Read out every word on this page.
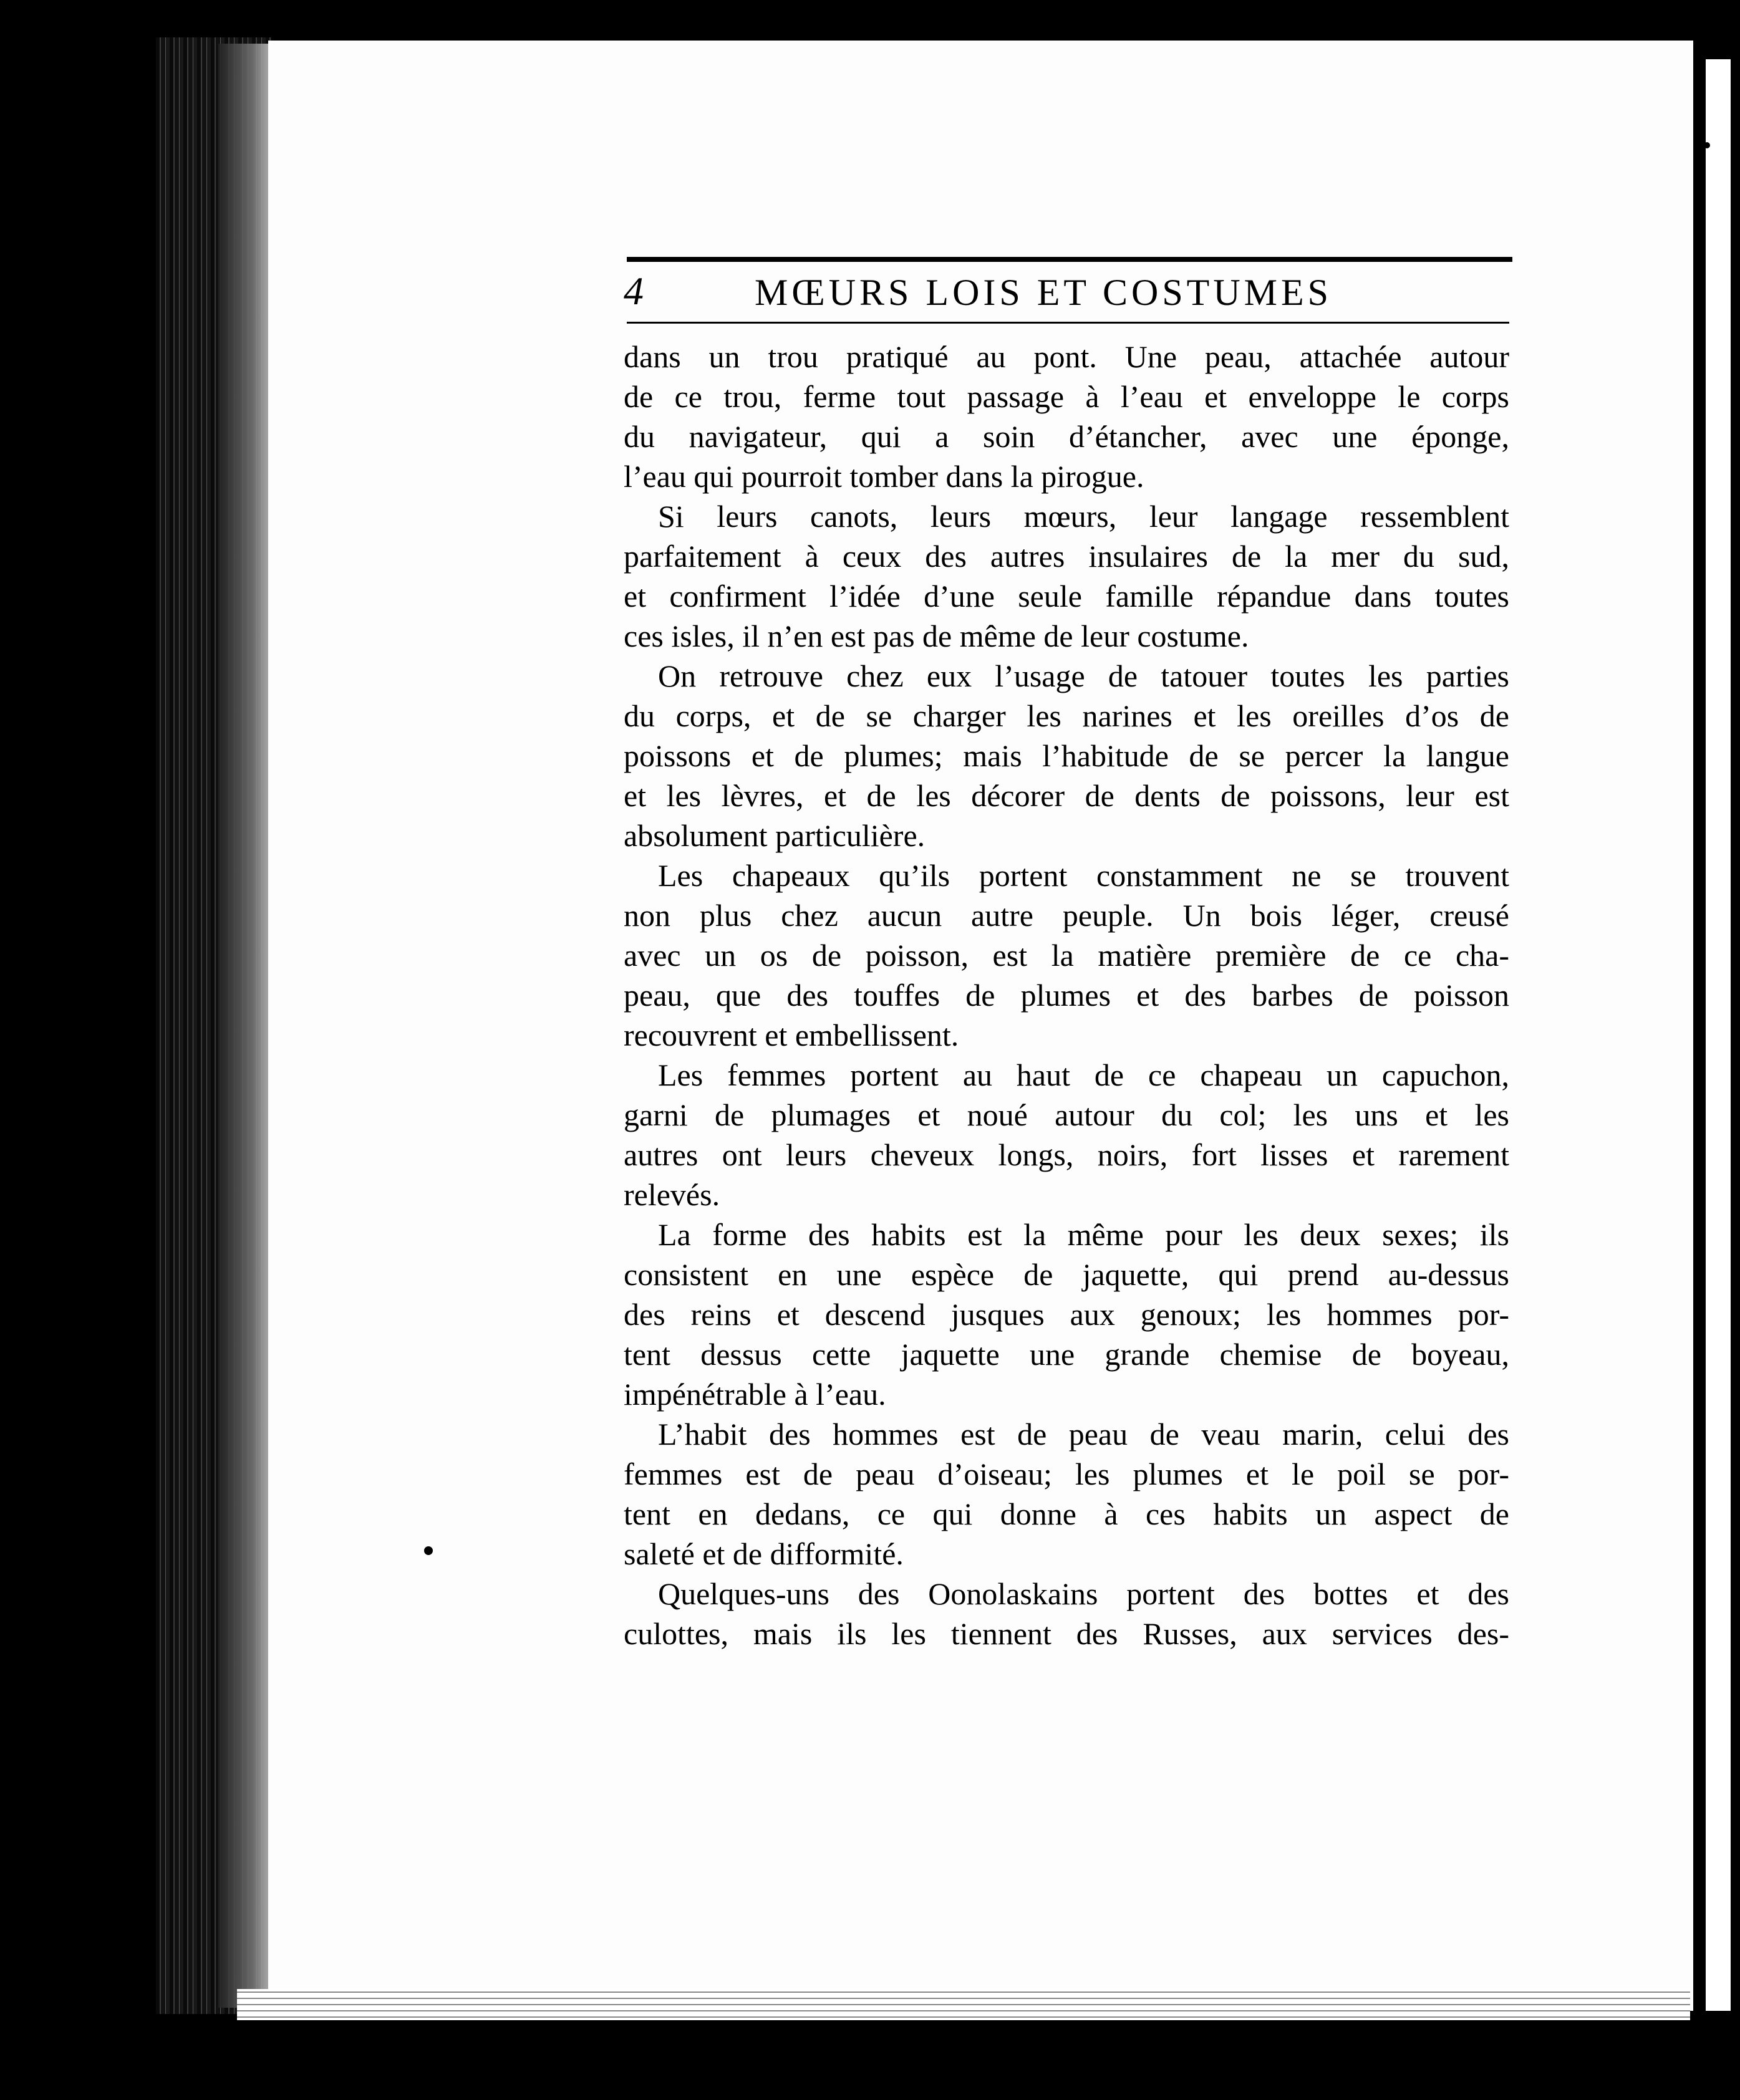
4	MŒURS LOIS ET COSTUMES
dans un trou pratiqué au pont. Une peau, attachée autour
de ce trou, ferme tout passage à l’eau et enveloppe le corps
du navigateur, qui a soin d’étancher, avec une éponge,
l’eau qui pourroit tomber dans la pirogue.
Si leurs canots, leurs mœurs, leur langage ressemblent
parfaitement à ceux des autres insulaires de la mer du sud,
et confirment l’idée d’une seule famille répandue dans toutes
ces isles, il n’en est pas de même de leur costume.
On retrouve chez eux l’usage de tatouer toutes les parties
du corps, et de se charger les narines et les oreilles d’os de
poissons et de plumes; mais l’habitude de se percer la langue
et les lèvres, et de les décorer de dents de poissons, leur est
absolument particulière.
Les chapeaux qu’ils portent constamment ne se trouvent
non plus chez aucun autre peuple. Un bois léger, creusé
avec un os de poisson, est la matière première de ce cha-
peau, que des touffes de plumes et des barbes de poisson
recouvrent et embellissent.
Les femmes portent au haut de ce chapeau un capuchon,
garni de plumages et noué autour du col; les uns et les
autres ont leurs cheveux longs, noirs, fort lisses et rarement
relevés.
La forme des habits est la même pour les deux sexes; ils
consistent en une espèce de jaquette, qui prend au-dessus
des reins et descend jusques aux genoux; les hommes por-
tent dessus cette jaquette une grande chemise de boyeau,
impénétrable à l’eau.
L’habit des hommes est de peau de veau marin, celui des
femmes est de peau d’oiseau; les plumes et le poil se por-
tent en dedans, ce qui donne à ces habits un aspect de
saleté et de difformité.
Quelques-uns des Oonolaskains portent des bottes et des
culottes, mais ils les tiennent des Russes, aux services des-
